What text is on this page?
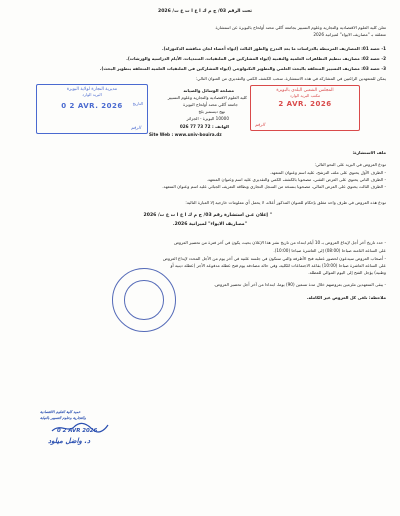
تحت الرقم 03/ ج م ك ا ع ا ت ع ت/ 2026
تعلن كلية العلوم الاقتصادية والتجارية وعلوم التسيير بجامعة آكلي محند أولحاج بالبويرة عن استشارة
متعلقة بـ "مصاريف الايواء" لميزانية 2026
1- حصة 01: المصاريف المرتبطة بالدراسات ما بعد التدرج والطور الثالث (ايواء أعضاء لجان مناقشة الدكتوراه).
2- حصة 02: مصاريف تنظيم التظاهرات العلمية والتقنية (ايواء المشاركين في الملتقيات، المنتديات، الأيام الدراسية والورشات).
3- حصة 03: مصاريف التسيير المتعلقة بالبحث العلمي والتطوير التكنولوجي (ايواء المشاركين في الملتقيات العلمية المتعلقة بتطوير البحث).
يمكن للمتعهدين الراغبين في المشاركة في هذه الاستشارة، سحب الكشف الكمي والتقديري من العنوان التالي:
المجلس الشعبي البلدي بالبويرة
مكتب البريد الوارد
2 AVR. 2026
الرقم
مصلحة الوسائل والصيانة
كلية العلوم الاقتصادية والتجارية وعلوم التسيير
جامعة آكلي محند أولحاج البويرة
نهج ديسمبر بلخ
10000 البويرة - الجزائر
الهاتف : 72 73 77 026
Site Web : www.univ-bouira.dz
مديرية التجارة لولاية البويرة
البريد الوارد
التاريخ
0 2 AVR. 2026
الرقم
ملف الاستشارة:
تودع العروض في البريد على النحو التالي:
- الظرف الأول يحتوي على ملف الترشح، عليه اسم وعنوان المتعهد.
- الظرف الثاني يحتوي على العرض التقني، مصحوبا بالكشف الكمي والتقديري عليه اسم وعنوان المتعهد.
- الظرف الثالث يحتوي على العرض المالي، مصحوبا بنسخة من السجل التجاري وبطاقة التعريف الجبائي عليه اسم وعنوان المتعهد.
تودع هذه العروض في ظرف واحد مغلق بإحكام للعنوان المذكور أعلاه، لا يحمل أي معلومات خارجية إلا العبارة التالية:
" إعلان عـن استشارة رقم 03/ ج م ك ا ع ا ت ع ت/ 2026
"مصاريف الايواء" لميزانية 2026.
- حدد تاريخ آخر أجل لإيداع العروض بـ 10 أيام ابتداء من تاريخ نشر هذا الإعلان بحيث يكون في آخر فترة من تحضير العروض
على الساعة الثامنة صباحا (08:00) إلى العاشرة صباحا (10:00).
- أصحاب العروض سيدعون لحضور عملية فتح الأظرفة والتي ستكون في جلسة علنية في آخر يوم من الأجل المحدد لإيداع العروض
على الساعة العاشرة صباحا (10:00) بقاعة الاجتماعات للكلية، وفي حالة مصادفة يوم فتح عطلة مدفوعة الأجر (عطلة دينية أو
وطنية) يؤجل الفتح إلى اليوم الموالي للعطلة.
- يبقى المتعهدين ملزمين بعروضهم خلال مدة تسعين (90) يوما، ابتداءا من آخر أجل تحضير العروض.
ملاحظة: تلغى كل العروض غير الكاملة.
عميد كلية العلوم الاقتصادية
والتجارية وعلوم التسيير بالنيابة
0 2 AVR 2026
د. واضل ميلود
